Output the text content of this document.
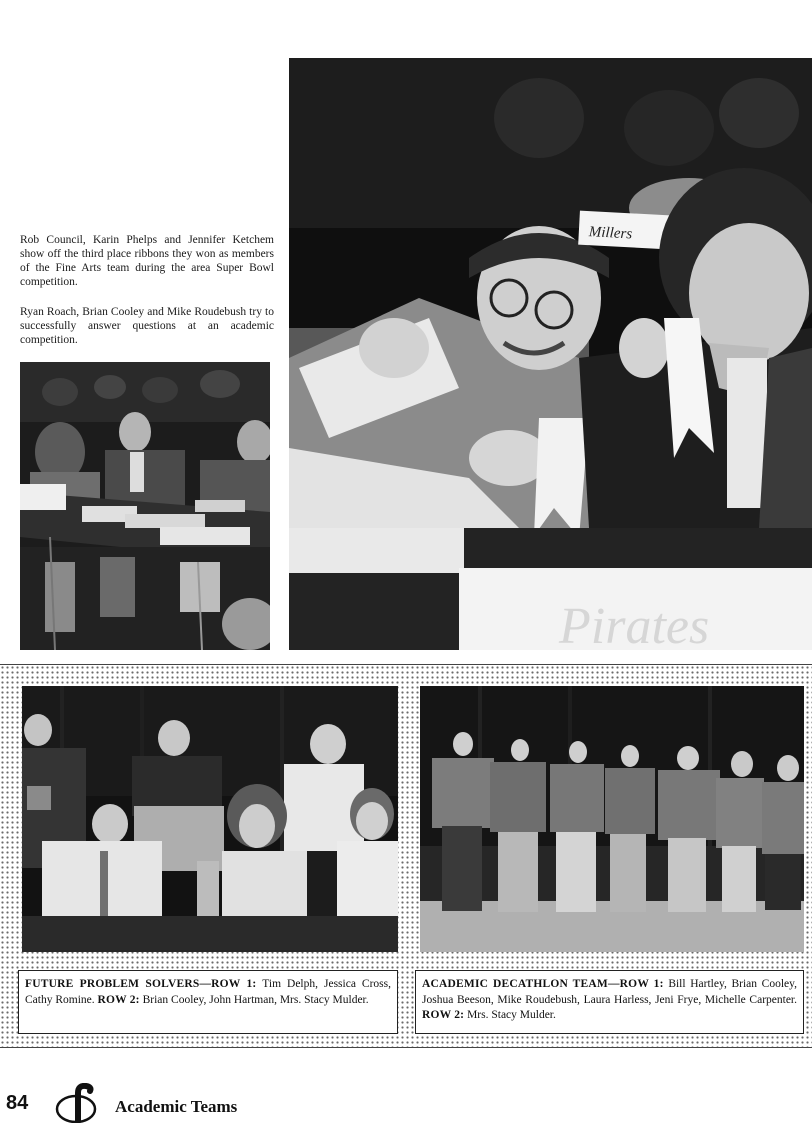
Rob Council, Karin Phelps and Jennifer Ketchem show off the third place ribbons they won as members of the Fine Arts team during the area Super Bowl competition.

Ryan Roach, Brian Cooley and Mike Roudebush try to successfully answer questions at an academic competition.

Millers
Pirates
FUTURE PROBLEM SOLVERS—ROW 1: Tim Delph, Jessica Cross, Cathy Romine. ROW 2: Brian Cooley, John Hartman, Mrs. Stacy Mulder.
ACADEMIC DECATHLON TEAM—ROW 1: Bill Hartley, Brian Cooley, Joshua Beeson, Mike Roudebush, Laura Harless, Jeni Frye, Michelle Carpenter. ROW 2: Mrs. Stacy Mulder.
84	Academic Teams
